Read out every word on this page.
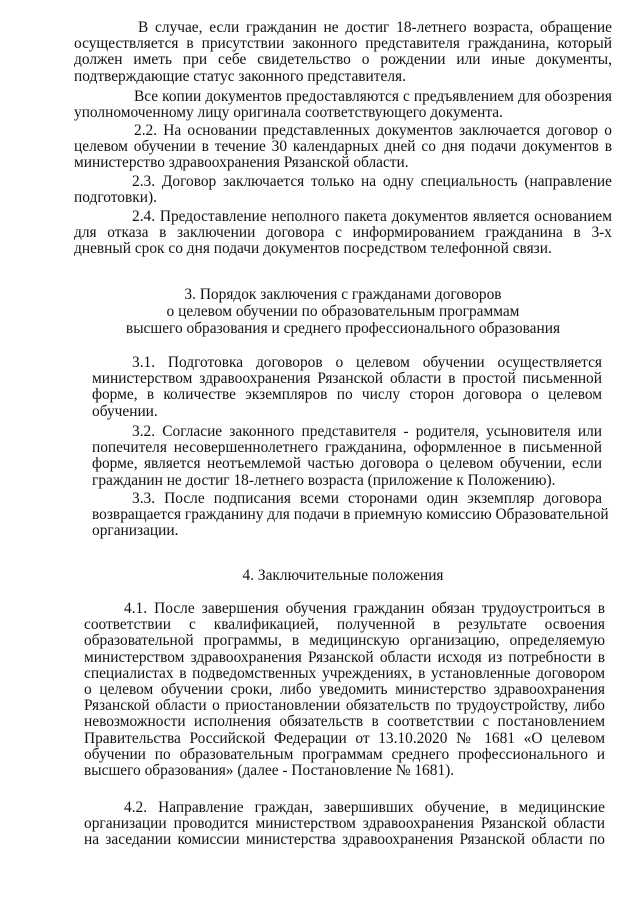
В случае, если гражданин не достиг 18-летнего возраста, обращение
осуществляется в присутствии законного представителя гражданина, который
должен иметь при себе свидетельство о рождении или иные документы,
подтверждающие статус законного представителя.
Все копии документов предоставляются с предъявлением для обозрения
уполномоченному лицу оригинала соответствующего документа.
2.2. На основании представленных документов заключается договор о
целевом обучении в течение 30 календарных дней со дня подачи документов в
министерство здравоохранения Рязанской области.
2.3. Договор заключается только на одну специальность (направление
подготовки).
2.4. Предоставление неполного пакета документов является основанием
для отказа в заключении договора с информированием гражданина в 3-х
дневный срок со дня подачи документов посредством телефонной связи.
3. Порядок заключения с гражданами договоров
о целевом обучении по образовательным программам
высшего образования и среднего профессионального образования
3.1. Подготовка договоров о целевом обучении осуществляется
министерством здравоохранения Рязанской области в простой письменной
форме, в количестве экземпляров по числу сторон договора о целевом
обучении.
3.2. Согласие законного представителя - родителя, усыновителя или
попечителя несовершеннолетнего гражданина, оформленное в письменной
форме, является неотъемлемой частью договора о целевом обучении, если
гражданин не достиг 18-летнего возраста (приложение к Положению).
3.3. После подписания всеми сторонами один экземпляр договора
возвращается гражданину для подачи в приемную комиссию Образовательной
организации.
4. Заключительные положения
4.1. После завершения обучения гражданин обязан трудоустроиться в
соответствии с квалификацией, полученной в результате освоения
образовательной программы, в медицинскую организацию, определяемую
министерством здравоохранения Рязанской области исходя из потребности в
специалистах в подведомственных учреждениях, в установленные договором
о целевом обучении сроки, либо уведомить министерство здравоохранения
Рязанской области о приостановлении обязательств по трудоустройству, либо
невозможности исполнения обязательств в соответствии с постановлением
Правительства Российской Федерации от 13.10.2020 № 1681 «О целевом
обучении по образовательным программам среднего профессионального и
высшего образования» (далее - Постановление № 1681).
4.2. Направление граждан, завершивших обучение, в медицинские
организации проводится министерством здравоохранения Рязанской области
на заседании комиссии министерства здравоохранения Рязанской области по
